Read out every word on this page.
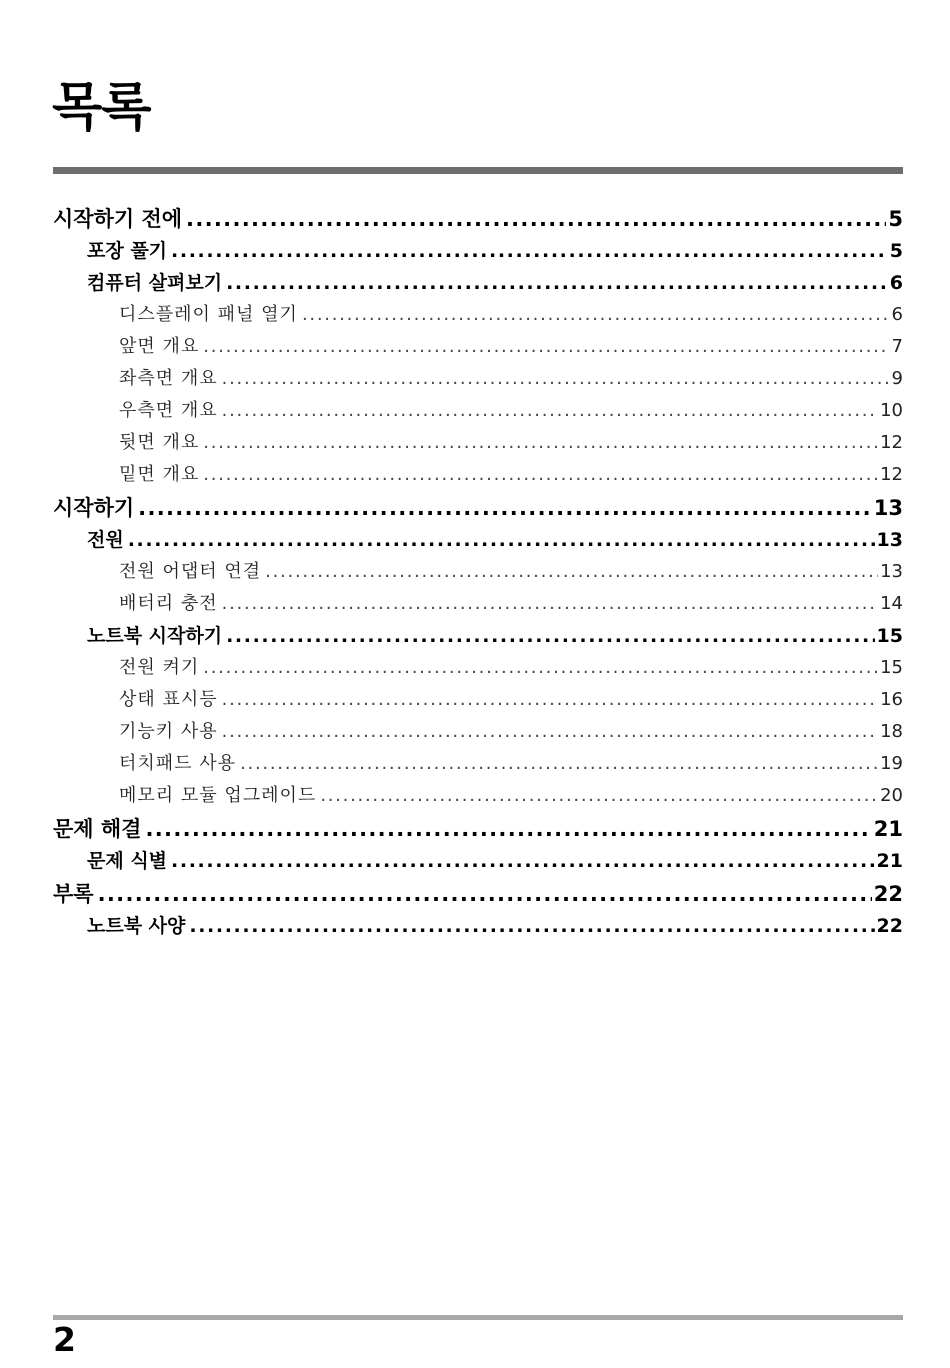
목록
시작하기 전에 . . .	5
포장 풀기 . . .	5
컴퓨터 살펴보기 . . .	6
디스플레이 패널 열기 . . .	6
앞면 개요 . . .	7
좌측면 개요 . . .	9
우측면 개요 . . .	10
뒷면 개요 . . .	12
밑면 개요 . . .	12
시작하기 . . .	13
전원 . . .	13
전원 어댑터 연결 . . .	13
배터리 충전 . . .	14
노트북 시작하기 . . .	15
전원 켜기 . . .	15
상태 표시등 . . .	16
기능키 사용 . . .	18
터치패드 사용 . . .	19
메모리 모듈 업그레이드 . . .	20
문제 해결 . . .	21
문제 식별 . . .	21
부록 . . .	22
노트북 사양 . . .	22
2
